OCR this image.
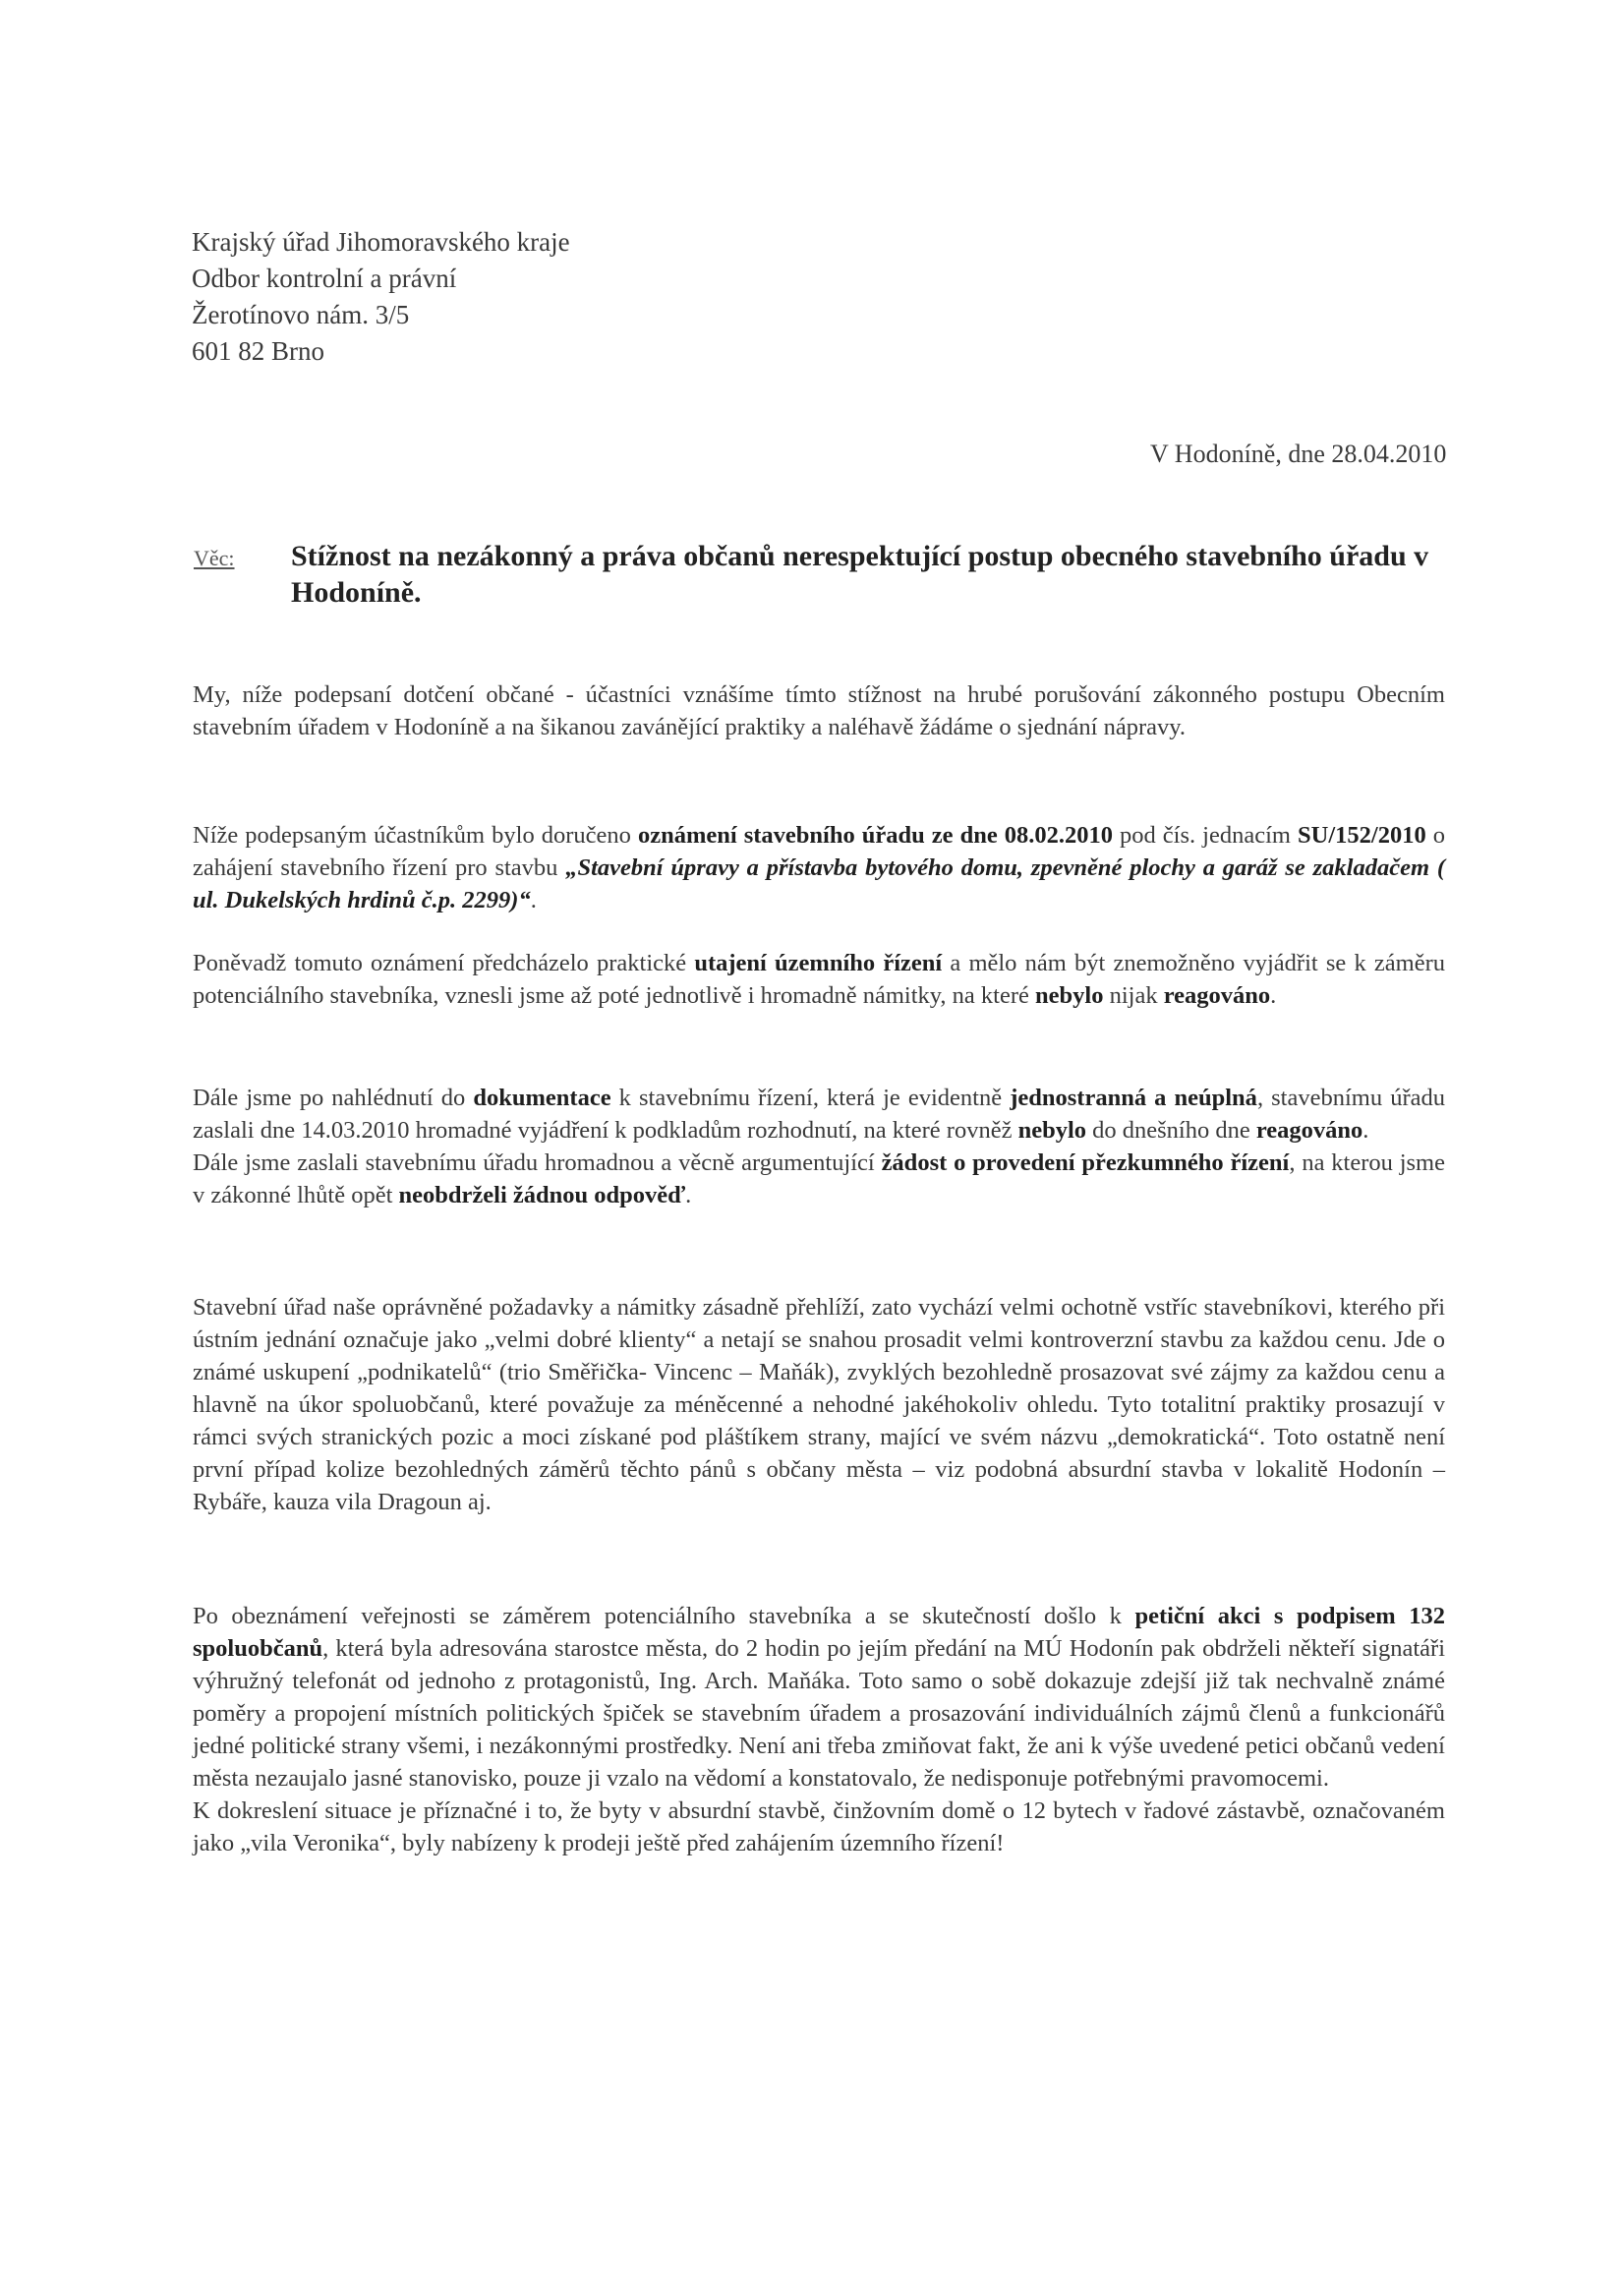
Krajský úřad Jihomoravského kraje
Odbor kontrolní a právní
Žerotínovo nám. 3/5
601 82 Brno
V Hodoníně, dne 28.04.2010
Věc: Stížnost na nezákonný a práva občanů nerespektující postup obecného stavebního úřadu v Hodoníně.

My, níže podepsaní dotčení občané - účastníci vznášíme tímto stížnost na hrubé porušování zákonného postupu Obecním stavebním úřadem v Hodoníně a na šikanou zavánějící praktiky a naléhavě žádáme o sjednání nápravy.

Níže podepsaným účastníkům bylo doručeno oznámení stavebního úřadu ze dne 08.02.2010 pod čís. jednacím SU/152/2010 o zahájení stavebního řízení pro stavbu „Stavební úpravy a přístavba bytového domu, zpevněné plochy a garáž se zakladačem ( ul. Dukelských hrdinů č.p. 2299)“.

Poněvadž tomuto oznámení předcházelo praktické utajení územního řízení a mělo nám být znemožněno vyjádřit se k záměru potenciálního stavebníka, vznesli jsme až poté jednotlivě i hromadně námitky, na které nebylo nijak reagováno.

Dále jsme po nahlédnutí do dokumentace k stavebnímu řízení, která je evidentně jednostranná a neúplná, stavebnímu úřadu zaslali dne 14.03.2010 hromadné vyjádření k podkladům rozhodnutí, na které rovněž nebylo do dnešního dne reagováno.

Dále jsme zaslali stavebnímu úřadu hromadnou a věcně argumentující žádost o provedení přezkumného řízení, na kterou jsme v zákonné lhůtě opět neobdrželi žádnou odpověď.

Stavební úřad naše oprávněné požadavky a námitky zásadně přehlíží, zato vychází velmi ochotně vstříc stavebníkovi, kterého při ústním jednání označuje jako „velmi dobré klienty“ a netají se snahou prosadit velmi kontroverzní stavbu za každou cenu. Jde o známé uskupení „podnikatelů“ (trio Směřička- Vincenc – Maňák), zvyklých bezohledně prosazovat své zájmy za každou cenu a hlavně na úkor spoluobčanů, které považuje za méněcenné a nehodné jakéhokoliv ohledu. Tyto totalitní praktiky prosazují v rámci svých stranických pozic a moci získané pod pláštíkem strany, mající ve svém názvu „demokratická“. Toto ostatně není první případ kolize bezohledných záměrů těchto pánů s občany města – viz podobná absurdní stavba v lokalitě Hodonín – Rybáře, kauza vila Dragoun aj.

Po obeznámení veřejnosti se záměrem potenciálního stavebníka a se skutečností došlo k petiční akci s podpisem 132 spoluobčanů, která byla adresována starostce města, do 2 hodin po jejím předání na MÚ Hodonín pak obdrželi někteří signatáři výhružný telefonát od jednoho z protagonistů, Ing. Arch. Maňáka. Toto samo o sobě dokazuje zdejší již tak nechvalně známé poměry a propojení místních politických špiček se stavebním úřadem a prosazování individuálních zájmů členů a funkcionářů jedné politické strany všemi, i nezákonnými prostředky. Není ani třeba zmiňovat fakt, že ani k výše uvedené petici občanů vedení města nezaujalo jasné stanovisko, pouze ji vzalo na vědomí a konstatovalo, že nedisponuje potřebnými pravomocemi.

K dokreslení situace je příznačné i to, že byty v absurdní stavbě, činžovním domě o 12 bytech v řadové zástavbě, označovaném jako „vila Veronika“, byly nabízeny k prodeji ještě před zahájením územního řízení!
